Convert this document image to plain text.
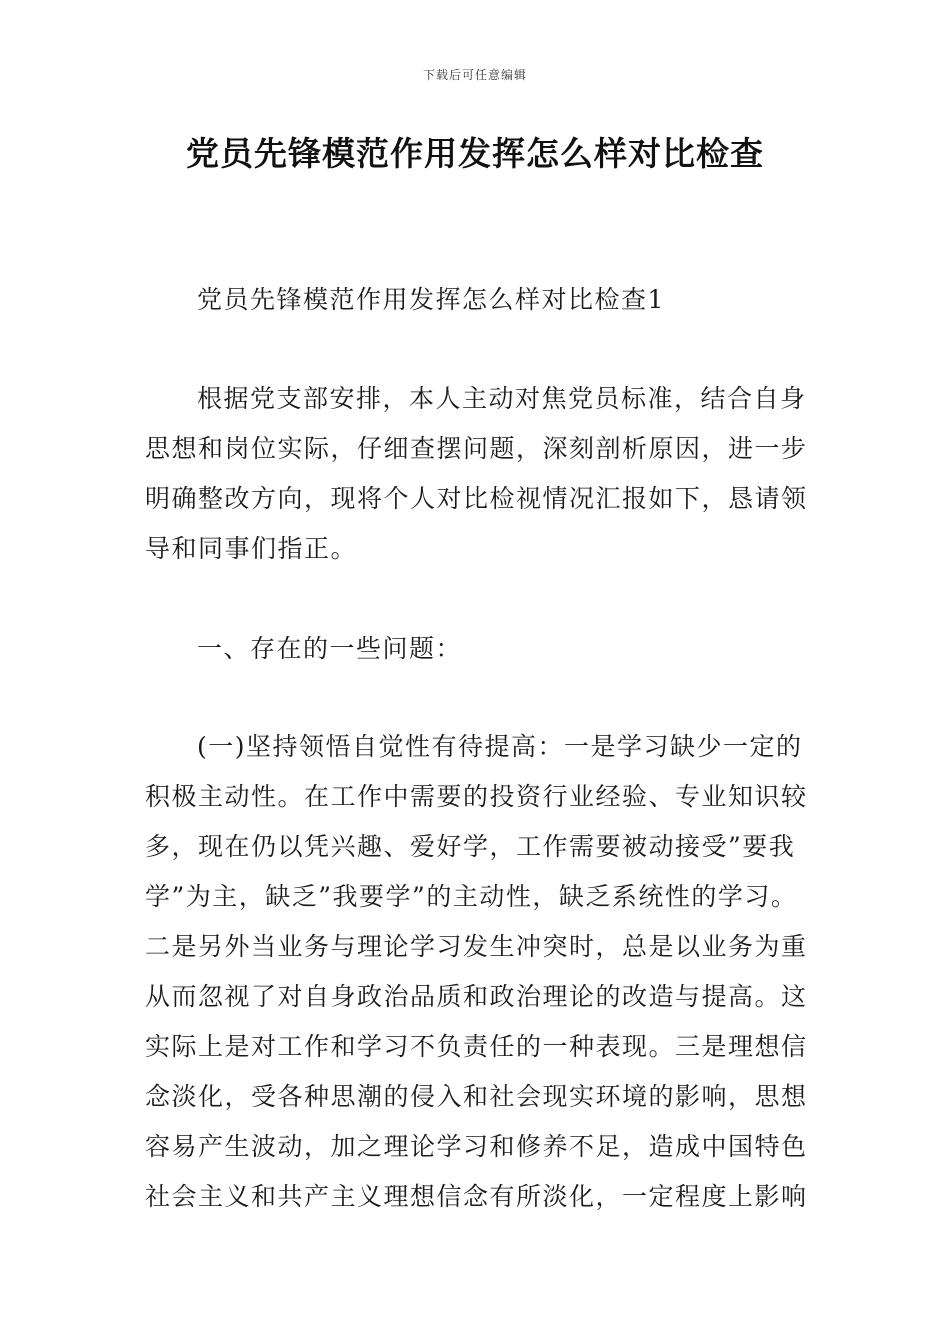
下载后可任意编辑
党员先锋模范作用发挥怎么样对比检查
党员先锋模范作用发挥怎么样对比检查1
根据党支部安排，本人主动对焦党员标准，结合自身
思想和岗位实际，仔细查摆问题，深刻剖析原因，进一步
明确整改方向，现将个人对比检视情况汇报如下，恳请领
导和同事们指正。
一、存在的一些问题：
(一)坚持领悟自觉性有待提高：一是学习缺少一定的
积极主动性。在工作中需要的投资行业经验、专业知识较
多，现在仍以凭兴趣、爱好学，工作需要被动接受”要我
学”为主，缺乏”我要学”的主动性，缺乏系统性的学习。
二是另外当业务与理论学习发生冲突时，总是以业务为重
从而忽视了对自身政治品质和政治理论的改造与提高。这
实际上是对工作和学习不负责任的一种表现。三是理想信
念淡化，受各种思潮的侵入和社会现实环境的影响，思想
容易产生波动，加之理论学习和修养不足，造成中国特色
社会主义和共产主义理想信念有所淡化，一定程度上影响
